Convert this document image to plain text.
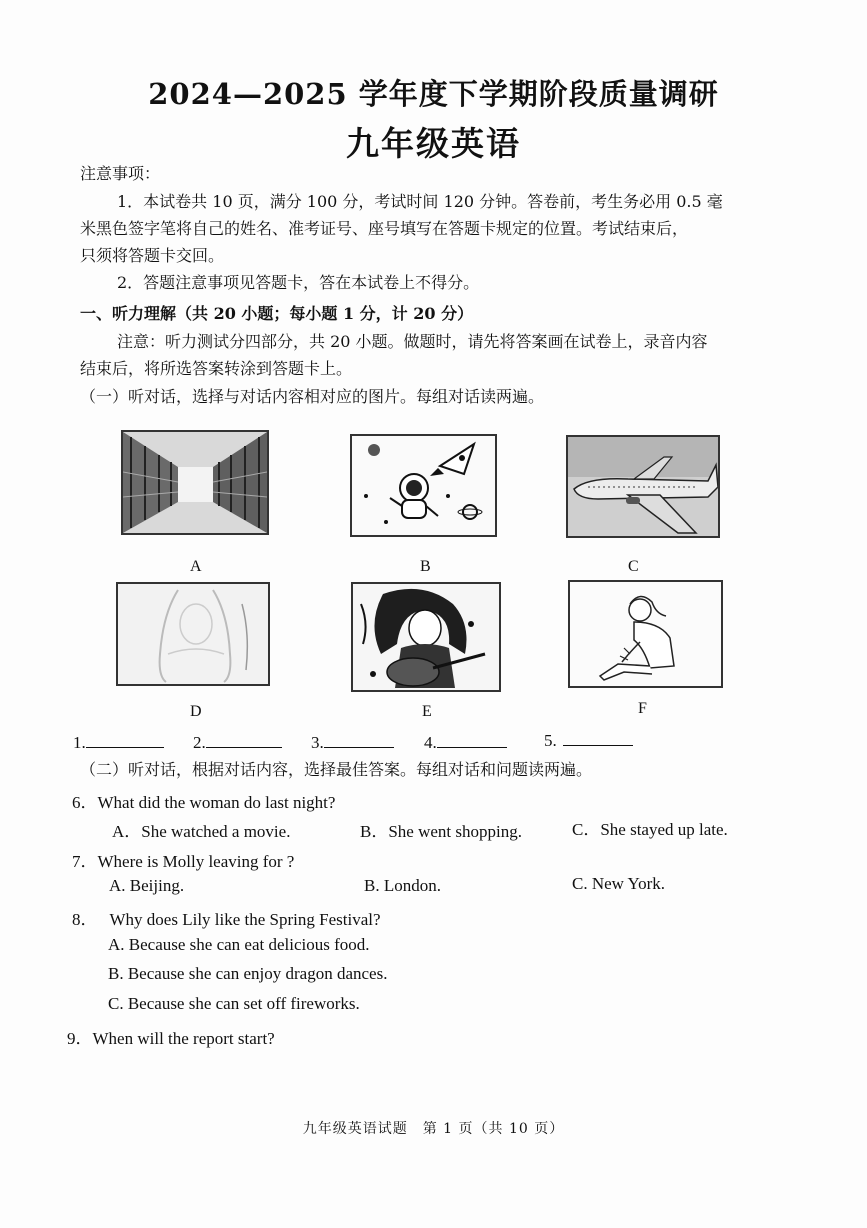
2024—2025 学年度下学期阶段质量调研
九年级英语
注意事项：
1．本试卷共 10 页，满分 100 分，考试时间 120 分钟。答卷前，考生务必用 0.5 毫
米黑色签字笔将自己的姓名、准考证号、座号填写在答题卡规定的位置。考试结束后，
只须将答题卡交回。
2．答题注意事项见答题卡，答在本试卷上不得分。
一、听力理解（共 20 小题；每小题 1 分，计 20 分）
注意：听力测试分四部分，共 20 小题。做题时，请先将答案画在试卷上，录音内容
结束后，将所选答案转涂到答题卡上。
（一）听对话，选择与对话内容相对应的图片。每组对话读两遍。
A	B	C
D	E	F
1.	2.	3.	4.	5.
（二）听对话，根据对话内容，选择最佳答案。每组对话和问题读两遍。
6．What did the woman do last night?
A．She watched a movie.	B．She went shopping.	C．She stayed up late.
7．Where is Molly leaving for ?
A. Beijing.	B. London.	C. New York.
8． Why does Lily like the Spring Festival?
A. Because she can eat delicious food.
B. Because she can enjoy dragon dances.
C. Because she can set off fireworks.
9．When will the report start?
九年级英语试题　第 1 页（共 10 页）
